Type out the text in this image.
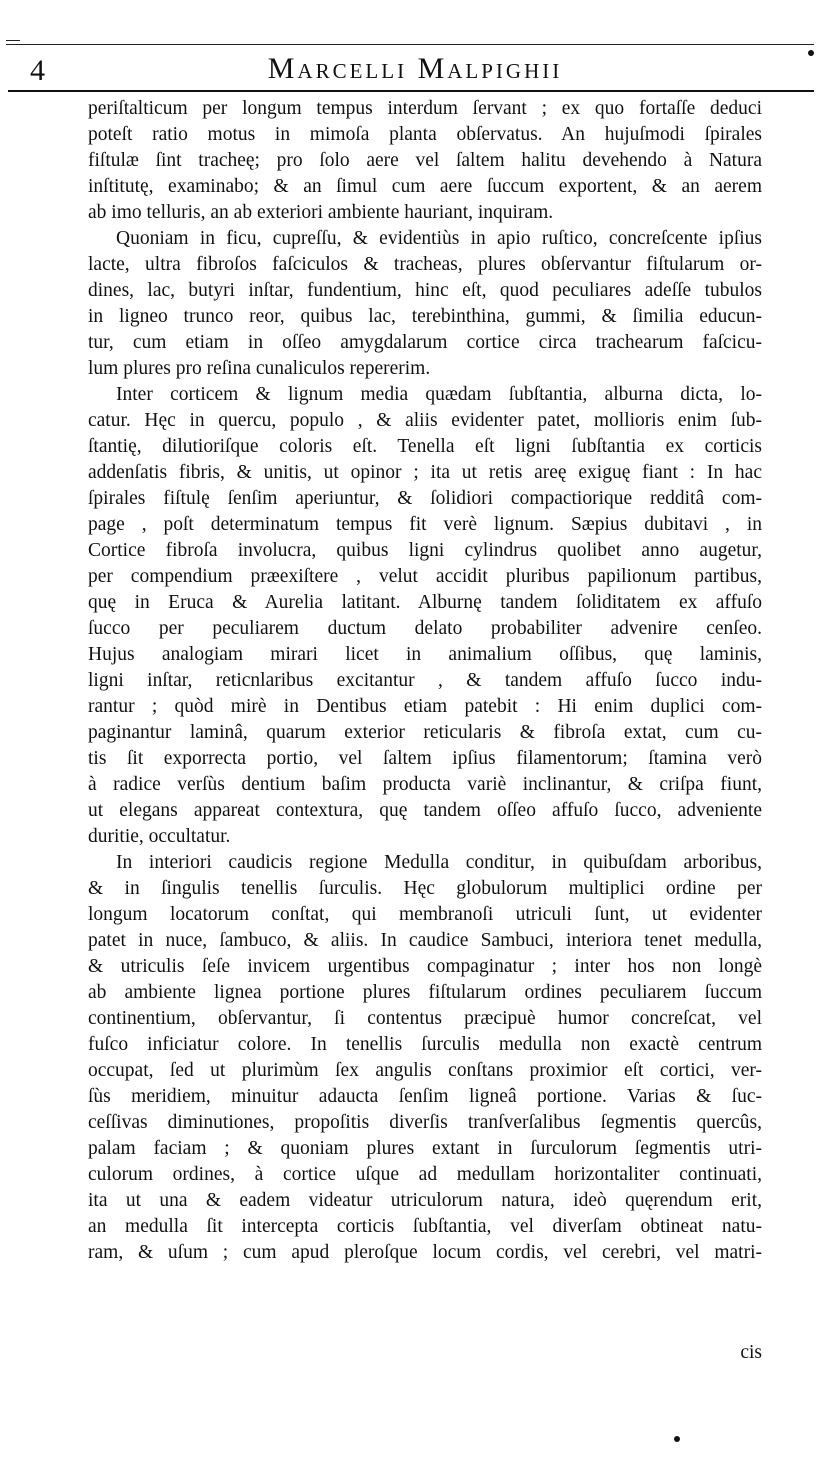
4	Marcelli Malpighii
periſtalticum per longum tempus interdum ſervant ; ex quo fortaſſe deduci
poteſt ratio motus in mimoſa planta obſervatus. An hujuſmodi ſpirales
fiſtulæ ſint tracheę; pro ſolo aere vel ſaltem halitu devehendo à Natura
inſtitutę, examinabo; & an ſimul cum aere ſuccum exportent, & an aerem
ab imo telluris, an ab exteriori ambiente hauriant, inquiram.
Quoniam in ficu, cupreſſu, & evidentiùs in apio ruſtico, concreſcente ipſius
lacte, ultra fibroſos faſciculos & tracheas, plures obſervantur fiſtularum or-
dines, lac, butyri inſtar, fundentium, hinc eſt, quod peculiares adeſſe tubulos
in ligneo trunco reor, quibus lac, terebinthina, gummi, & ſimilia educun-
tur, cum etiam in oſſeo amygdalarum cortice circa trachearum faſcicu-
lum plures pro reſina cunaliculos repererim.
Inter corticem & lignum media quædam ſubſtantia, alburna dicta, lo-
catur. Hęc in quercu, populo , & aliis evidenter patet, mollioris enim ſub-
ſtantię, dilutioriſque coloris eſt. Tenella eſt ligni ſubſtantia ex corticis
addenſatis fibris, & unitis, ut opinor ; ita ut retis areę exiguę fiant : In hac
ſpirales fiſtulę ſenſim aperiuntur, & ſolidiori compactiorique redditâ com-
page , poſt determinatum tempus fit verè lignum. Sæpius dubitavi , in
Cortice fibroſa involucra, quibus ligni cylindrus quolibet anno augetur,
per compendium præexiſtere , velut accidit pluribus papilionum partibus,
quę in Eruca & Aurelia latitant. Alburnę tandem ſoliditatem ex affuſo
ſucco per peculiarem ductum delato probabiliter advenire cenſeo.
Hujus analogiam mirari licet in animalium oſſibus, quę laminis,
ligni inſtar, reticnlaribus excitantur , & tandem affuſo ſucco indu-
rantur ; quòd mirè in Dentibus etiam patebit : Hi enim duplici com-
paginantur laminâ, quarum exterior reticularis & fibroſa extat, cum cu-
tis ſit exporrecta portio, vel ſaltem ipſius filamentorum; ſtamina verò
à radice verſùs dentium baſim producta variè inclinantur, & criſpa fiunt,
ut elegans appareat contextura, quę tandem oſſeo affuſo ſucco, adveniente
duritie, occultatur.
In interiori caudicis regione Medulla conditur, in quibuſdam arboribus,
& in ſingulis tenellis ſurculis. Hęc globulorum multiplici ordine per
longum locatorum conſtat, qui membranoſi utriculi ſunt, ut evidenter
patet in nuce, ſambuco, & aliis. In caudice Sambuci, interiora tenet medulla,
& utriculis ſeſe invicem urgentibus compaginatur ; inter hos non longè
ab ambiente lignea portione plures fiſtularum ordines peculiarem ſuccum
continentium, obſervantur, ſi contentus præcipuè humor concreſcat, vel
fuſco inficiatur colore. In tenellis ſurculis medulla non exactè centrum
occupat, ſed ut plurimùm ſex angulis conſtans proximior eſt cortici, ver-
ſùs meridiem, minuitur adaucta ſenſim ligneâ portione. Varias & ſuc-
ceſſivas diminutiones, propoſitis diverſis tranſverſalibus ſegmentis quercûs,
palam faciam ; & quoniam plures extant in ſurculorum ſegmentis utri-
culorum ordines, à cortice uſque ad medullam horizontaliter continuati,
ita ut una & eadem videatur utriculorum natura, ideò quęrendum erit,
an medulla ſit intercepta corticis ſubſtantia, vel diverſam obtineat natu-
ram, & uſum ; cum apud pleroſque locum cordis, vel cerebri, vel matri-
cis
